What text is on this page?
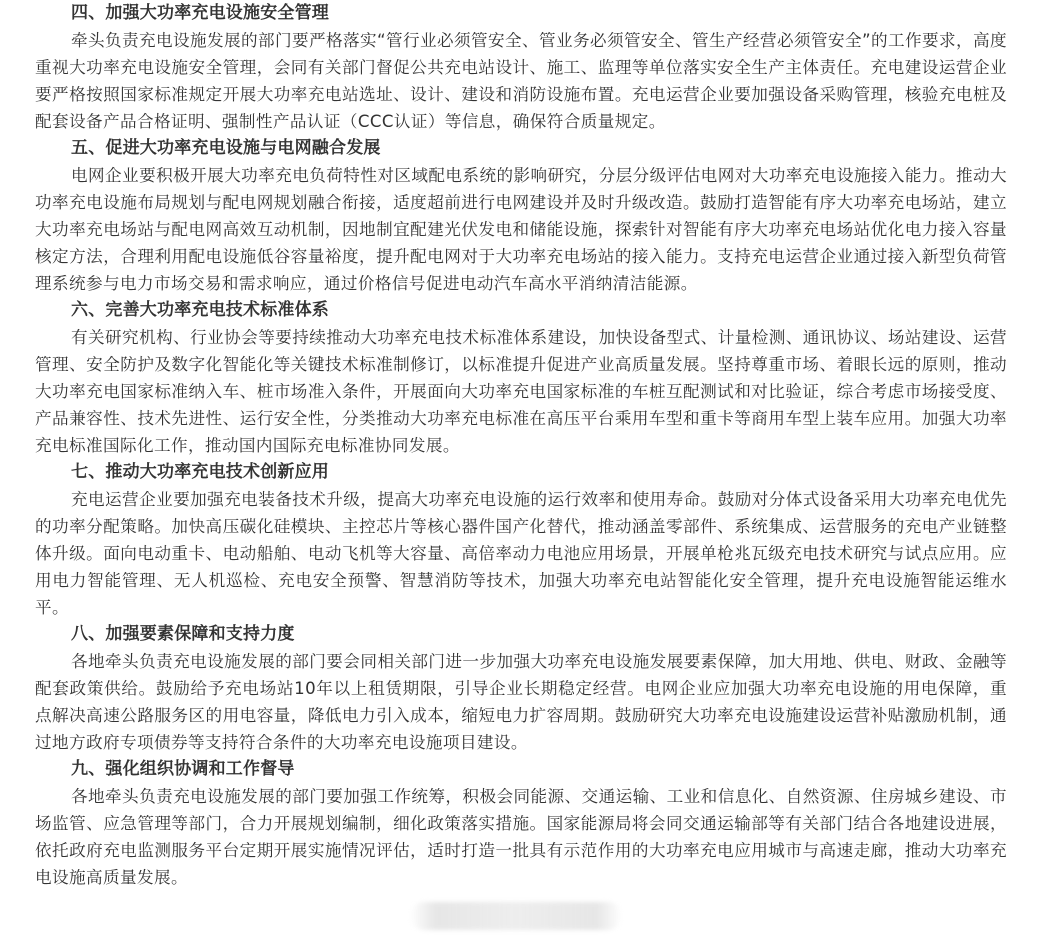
四、加强大功率充电设施安全管理

牵头负责充电设施发展的部门要严格落实“管行业必须管安全、管业务必须管安全、管生产经营必须管安全”的工作要求，高度重视大功率充电设施安全管理，会同有关部门督促公共充电站设计、施工、监理等单位落实安全生产主体责任。充电建设运营企业要严格按照国家标准规定开展大功率充电站选址、设计、建设和消防设施布置。充电运营企业要加强设备采购管理，核验充电桩及配套设备产品合格证明、强制性产品认证（CCC认证）等信息，确保符合质量规定。

五、促进大功率充电设施与电网融合发展

电网企业要积极开展大功率充电负荷特性对区域配电系统的影响研究，分层分级评估电网对大功率充电设施接入能力。推动大功率充电设施布局规划与配电网规划融合衔接，适度超前进行电网建设并及时升级改造。鼓励打造智能有序大功率充电场站，建立大功率充电场站与配电网高效互动机制，因地制宜配建光伏发电和储能设施，探索针对智能有序大功率充电场站优化电力接入容量核定方法，合理利用配电设施低谷容量裕度，提升配电网对于大功率充电场站的接入能力。支持充电运营企业通过接入新型负荷管理系统参与电力市场交易和需求响应，通过价格信号促进电动汽车高水平消纳清洁能源。

六、完善大功率充电技术标准体系

有关研究机构、行业协会等要持续推动大功率充电技术标准体系建设，加快设备型式、计量检测、通讯协议、场站建设、运营管理、安全防护及数字化智能化等关键技术标准制修订，以标准提升促进产业高质量发展。坚持尊重市场、着眼长远的原则，推动大功率充电国家标准纳入车、桩市场准入条件，开展面向大功率充电国家标准的车桩互配测试和对比验证，综合考虑市场接受度、产品兼容性、技术先进性、运行安全性，分类推动大功率充电标准在高压平台乘用车型和重卡等商用车型上装车应用。加强大功率充电标准国际化工作，推动国内国际充电标准协同发展。

七、推动大功率充电技术创新应用

充电运营企业要加强充电装备技术升级，提高大功率充电设施的运行效率和使用寿命。鼓励对分体式设备采用大功率充电优先的功率分配策略。加快高压碳化硅模块、主控芯片等核心器件国产化替代，推动涵盖零部件、系统集成、运营服务的充电产业链整体升级。面向电动重卡、电动船舶、电动飞机等大容量、高倍率动力电池应用场景，开展单枪兆瓦级充电技术研究与试点应用。应用电力智能管理、无人机巡检、充电安全预警、智慧消防等技术，加强大功率充电站智能化安全管理，提升充电设施智能运维水平。

八、加强要素保障和支持力度

各地牵头负责充电设施发展的部门要会同相关部门进一步加强大功率充电设施发展要素保障，加大用地、供电、财政、金融等配套政策供给。鼓励给予充电场站10年以上租赁期限，引导企业长期稳定经营。电网企业应加强大功率充电设施的用电保障，重点解决高速公路服务区的用电容量，降低电力引入成本，缩短电力扩容周期。鼓励研究大功率充电设施建设运营补贴激励机制，通过地方政府专项债券等支持符合条件的大功率充电设施项目建设。

九、强化组织协调和工作督导

各地牵头负责充电设施发展的部门要加强工作统筹，积极会同能源、交通运输、工业和信息化、自然资源、住房城乡建设、市场监管、应急管理等部门，合力开展规划编制，细化政策落实措施。国家能源局将会同交通运输部等有关部门结合各地建设进展，依托政府充电监测服务平台定期开展实施情况评估，适时打造一批具有示范作用的大功率充电应用城市与高速走廊，推动大功率充电设施高质量发展。
